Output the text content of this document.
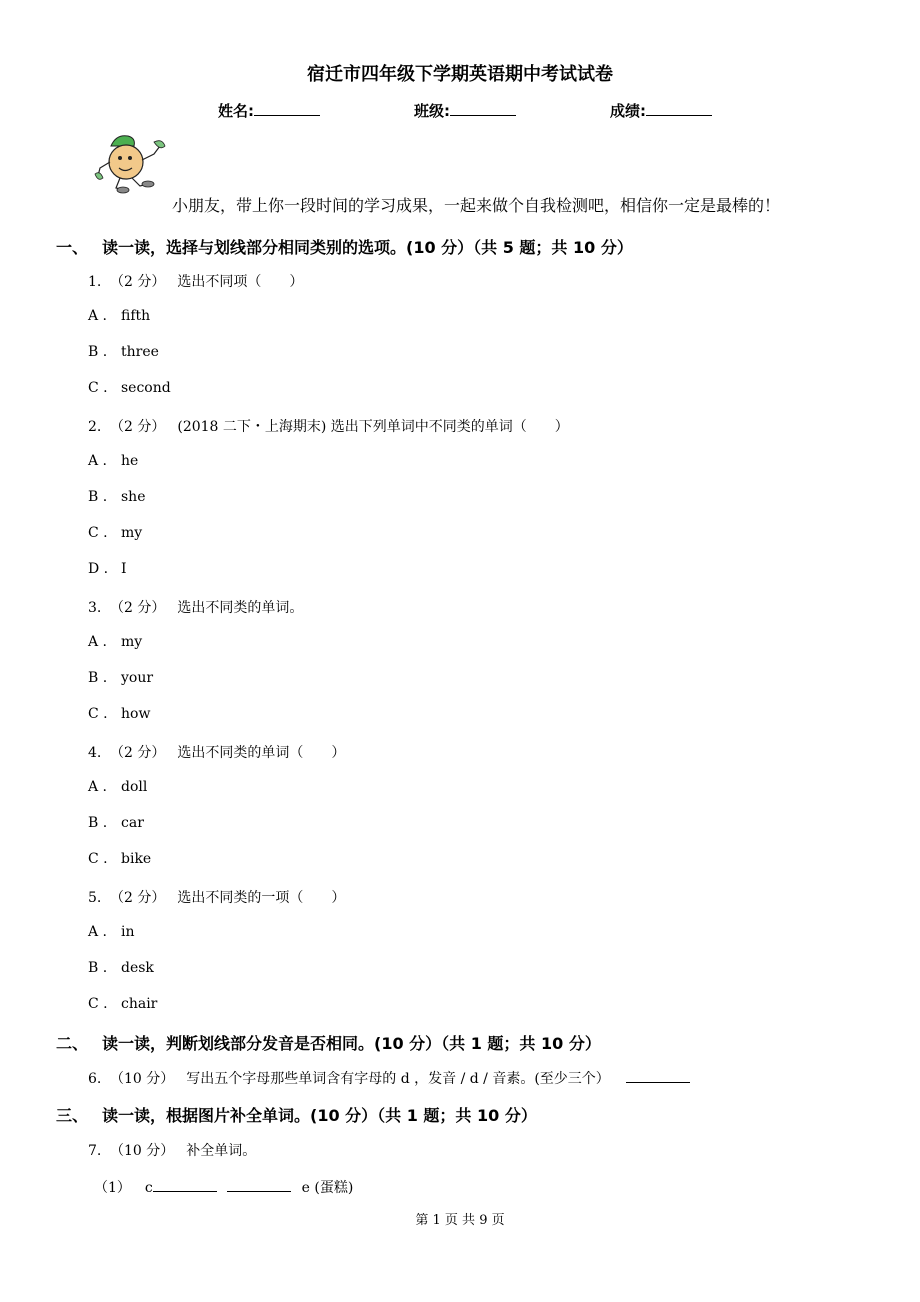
宿迁市四年级下学期英语期中考试试卷
姓名:	班级:	成绩:
小朋友，带上你一段时间的学习成果，一起来做个自我检测吧，相信你一定是最棒的！
一、 读一读，选择与划线部分相同类别的选项。(10 分）（共 5 题；共 10 分）
1. （2 分） 选出不同项（　　）
A . fifth
B . three
C . second
2. （2 分） (2018 二下・上海期末) 选出下列单词中不同类的单词（　　）
A . he
B . she
C . my
D . I
3. （2 分） 选出不同类的单词。
A . my
B . your
C . how
4. （2 分） 选出不同类的单词（　　）
A . doll
B . car
C . bike
5. （2 分） 选出不同类的一项（　　）
A . in
B . desk
C . chair
二、 读一读，判断划线部分发音是否相同。(10 分）（共 1 题；共 10 分）
6. （10 分） 写出五个字母那些单词含有字母的 d ，发音 / d / 音素。(至少三个）
三、 读一读，根据图片补全单词。(10 分）（共 1 题；共 10 分）
7. （10 分） 补全单词。
（1） c	e (蛋糕)
第 1 页 共 9 页
